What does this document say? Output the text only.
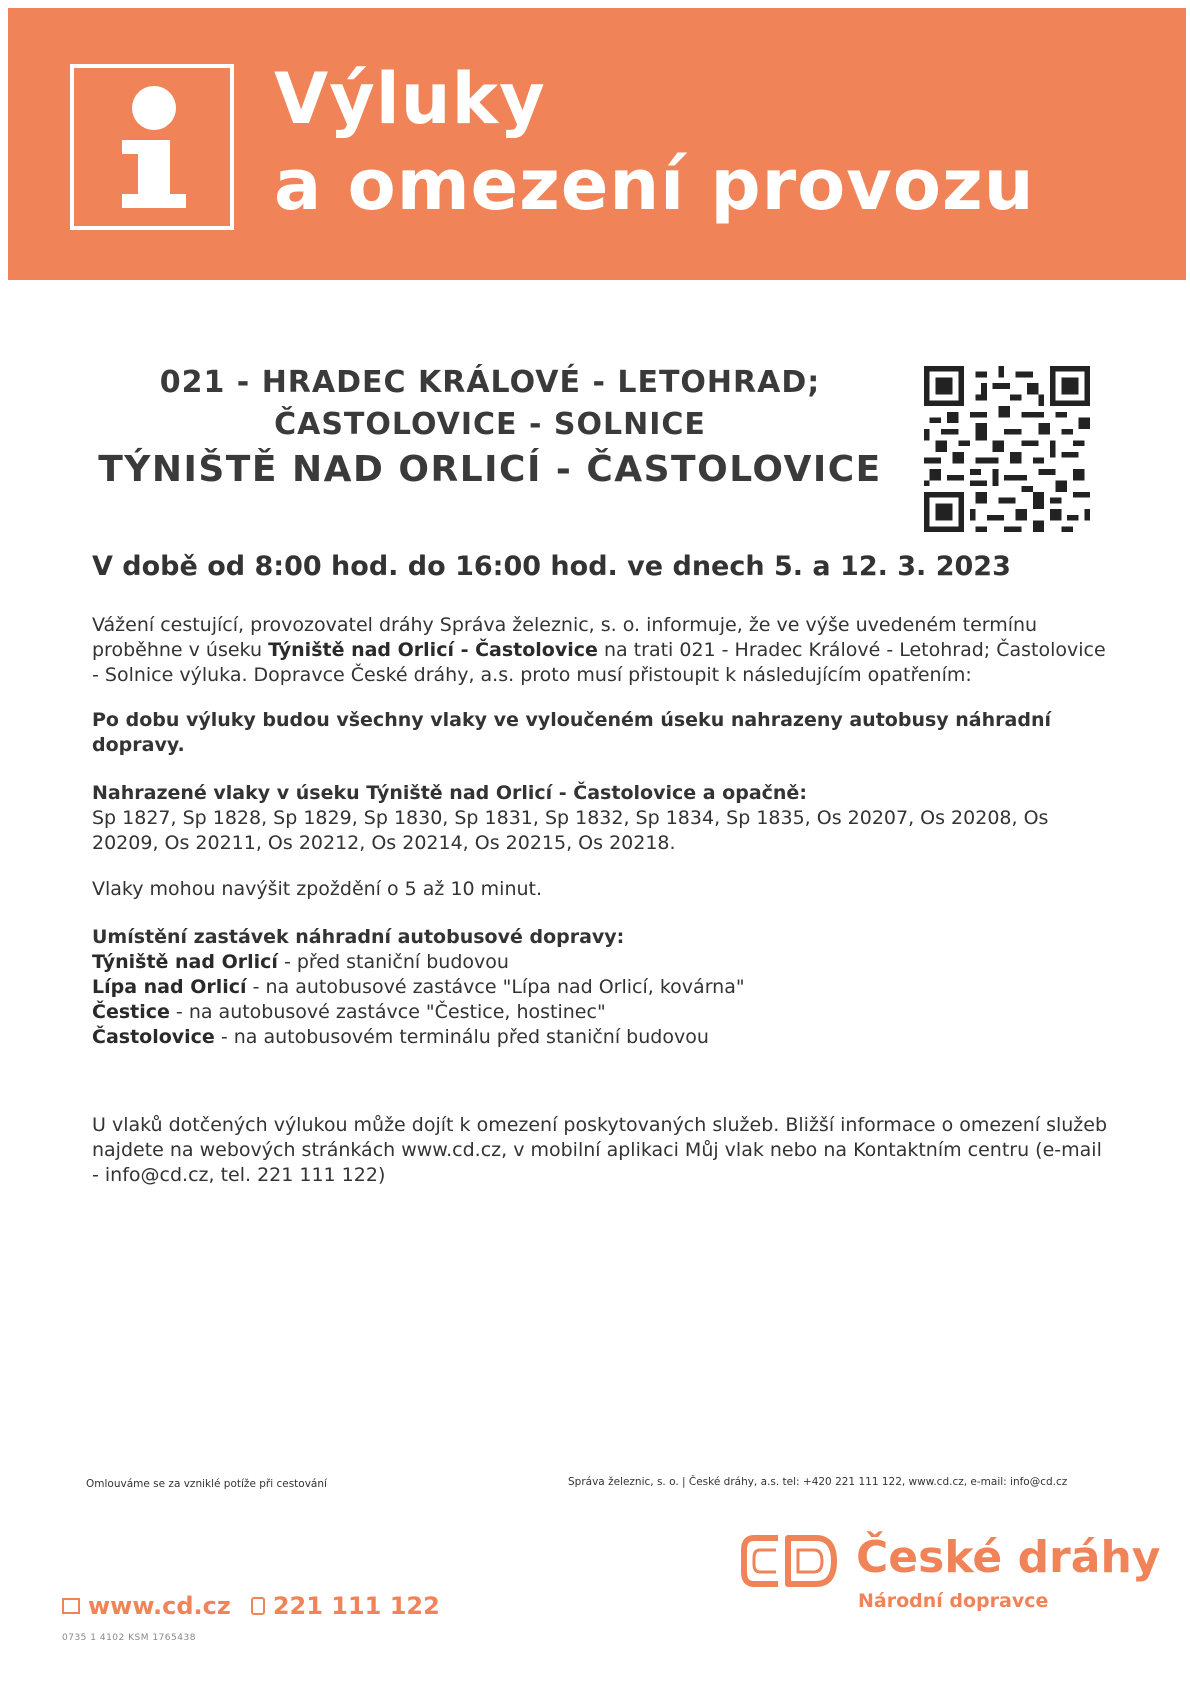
Výluky
a omezení provozu
021 - HRADEC KRÁLOVÉ - LETOHRAD;
ČASTOLOVICE - SOLNICE
TÝNIŠTĚ NAD ORLICÍ - ČASTOLOVICE
V době od 8:00 hod. do 16:00 hod. ve dnech 5. a 12. 3. 2023
Vážení cestující, provozovatel dráhy Správa železnic, s. o. informuje, že ve výše uvedeném termínu proběhne v úseku Týniště nad Orlicí - Častolovice na trati 021 - Hradec Králové - Letohrad; Častolovice - Solnice výluka. Dopravce České dráhy, a.s. proto musí přistoupit k následujícím opatřením:
Po dobu výluky budou všechny vlaky ve vyloučeném úseku nahrazeny autobusy náhradní dopravy.
Nahrazené vlaky v úseku Týniště nad Orlicí - Častolovice a opačně:
Sp 1827, Sp 1828, Sp 1829, Sp 1830, Sp 1831, Sp 1832, Sp 1834, Sp 1835, Os 20207, Os 20208, Os 20209, Os 20211, Os 20212, Os 20214, Os 20215, Os 20218.
Vlaky mohou navýšit zpoždění o 5 až 10 minut.
Umístění zastávek náhradní autobusové dopravy:
Týniště nad Orlicí - před staniční budovou
Lípa nad Orlicí - na autobusové zastávce "Lípa nad Orlicí, kovárna"
Čestice - na autobusové zastávce "Čestice, hostinec"
Častolovice - na autobusovém terminálu před staniční budovou
U vlaků dotčených výlukou může dojít k omezení poskytovaných služeb. Bližší informace o omezení služeb najdete na webových stránkách www.cd.cz, v mobilní aplikaci Můj vlak nebo na Kontaktním centru (e-mail - info@cd.cz, tel. 221 111 122)
Omlouváme se za vzniklé potíže při cestování	Správa železnic, s. o. | České dráhy, a.s. tel: +420 221 111 122, www.cd.cz, e-mail: info@cd.cz
České dráhy
Národní dopravce
www.cd.cz 221 111 122
0735 1 4102 KSM 1765438
